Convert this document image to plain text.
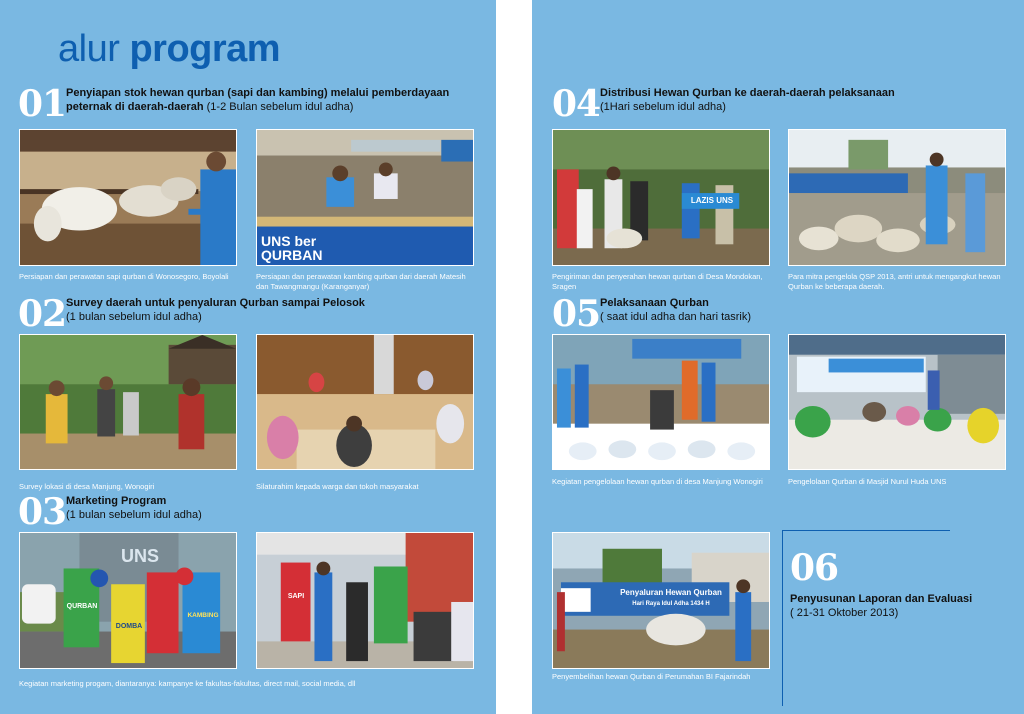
alur program
01 Penyiapan stok hewan qurban (sapi dan kambing) melalui pemberdayaan peternak di daerah-daerah (1-2 Bulan sebelum idul adha)
Persiapan dan perawatan sapi qurban di Wonosegoro, Boyolali
UNS ber QURBAN
Persiapan dan perawatan kambing qurban dari daerah Matesih dan Tawangmangu (Karanganyar)
02 Survey daerah untuk penyaluran Qurban sampai Pelosok
(1 bulan sebelum idul adha)
Survey lokasi di desa Manjung, Wonogiri	Silaturahim kepada warga dan tokoh masyarakat
03 Marketing Program
(1 bulan sebelum idul adha)
UNS
QURBAN
DOMBA
KAMBING
SAPI
Kegiatan marketing progam, diantaranya: kampanye ke fakultas-fakultas, direct mail, social media, dll
04 Distribusi Hewan Qurban ke daerah-daerah pelaksanaan
(1Hari sebelum idul adha)
LAZIS UNS
Pengiriman dan penyerahan hewan qurban di Desa Mondokan, Sragen
Para mitra pengelola QSP 2013, antri untuk mengangkut hewan Qurban ke beberapa daerah.
05 Pelaksanaan Qurban
( saat idul adha dan hari tasrik)
Kegiatan pengelolaan hewan qurban di desa Manjung Wonogiri	Pengelolaan Qurban di Masjid Nurul Huda UNS
Penyaluran Hewan Qurban
Hari Raya Idul Adha 1434 H
Penyembelihan hewan Qurban di Perumahan BI Fajarindah
06
Penyusunan Laporan dan Evaluasi
( 21-31 Oktober 2013)
